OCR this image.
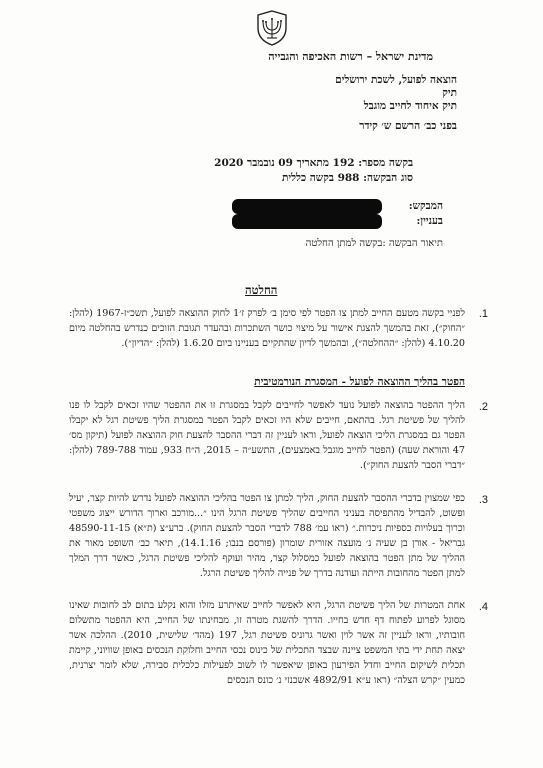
מדינת ישראל – רשות האכיפה והגבייה
הוצאה לפועל, לשכת ירושלים
תיק
תיק איחוד לחייב מוגבל
בפני כב׳ הרשם ש׳ קידר
בקשה מספר: 192 מתאריך 09 נובמבר 2020
סוג הבקשה: 988 בקשה כללית
המבקש:
בעניין:
תיאור הבקשה :בקשה למתן החלטה
החלטה
1.
לפניי בקשה מטעם החייב למתן צו הפטר לפי סימן ב׳ לפרק ז׳1 לחוק ההוצאה לפועל, תשכ״ז-1967 (להלן: ״החוק״), זאת בהמשך להצגת אישור על מיצוי כושר השתכרות ובהעדר תגובת הזוכים כנדרש בהחלטה מיום 4.10.20 (להלן: ״ההחלטה״), ובהמשך לדיון שהתקיים בעניינו ביום 1.6.20 (להלן: ״הדיון״).
הפטר בהליך ההוצאה לפועל - המסגרת הנורמטיבית
2.
הליך ההפטר בהוצאה לפועל נועד לאפשר לחייבים לקבל במסגרת זו את ההפטר שהיו זכאים לקבל לו פנו להליך של פשיטת רגל. בהתאם, חייבים שלא היו זכאים לקבל הפטר במסגרת הליך פשיטת רגל לא יקבלו הפטר גם במסגרת הליכי הוצאה לפועל, וראו לעניין זה דברי ההסבר להצעת חוק ההוצאה לפועל (תיקון מס׳ 47 והוראת שעה) (הפטר לחייב מוגבל באמצעים), התשע״ה – 2015, ה״ח 933, עמוד 789-788 (להלן: ״דברי הסבר להצעת החוק״).
3.
כפי שמצוין בדברי ההסבר להצעת החוק, הליך למתן צו הפטר בהליכי ההוצאה לפועל נדרש להיות קצר, יעיל ופשוט, להבדיל מהתפיסה בעניני החייבים שהליך פשיטת הרגל הינו ״...מורכב וארוך הדורש ייצוג משפטי וכרוך בעלויות כספיות ניכרות.״ (ראו עמ׳ 788 לדברי הסבר להצעת החוק). ברע״צ (ת״א) 48590-11-15 גבריאל - אורן בן שעיה נ׳ מועצה אזורית שומרון (פורסם בנבו; 14.1.16), תיאר כב׳ השופט מאור את ההליך של מתן הפטר בהוצאה לפועל כמסלול קצר, מהיר ועוקף להליכי פשיטת הרגל, כאשר דרך המלך למתן הפטר מהחובות הייתה ועודנה בדרך של פנייה להליך פשיטת הרגל.
4.
אחת המטרות של הליך פשיטת הרגל, היא לאפשר לחייב שאיתרע מזלו והוא נקלע בתום לב לחובות שאינו מסוגל לפרוע לפתוח דף חדש בחייו. הדרך להשגת מטרה זו, מבחינתו של החייב, היא ההפטר מתשלום חובותיו, וראו לעניין זה אשר לוין ואשר גרוניס פשיטת רגל, 197 (מהד׳ שלישית, 2010). ההלכה אשר יצאה תחת ידי בתי המשפט ציינה שבצד התכלית של כינוס נכסי החייב וחלוקת הנכסים באופן שוויוני, קיימת תכלית לשיקום החייב וחדל הפירעון באופן שיאפשר לו לשוב לפעילות כלכלית סבירה, שלא לומר יצרנית, כמעין ״קרש הצלה״ (ראו ע״א 4892/91 אשכנזי נ׳ כונס הנכסים
